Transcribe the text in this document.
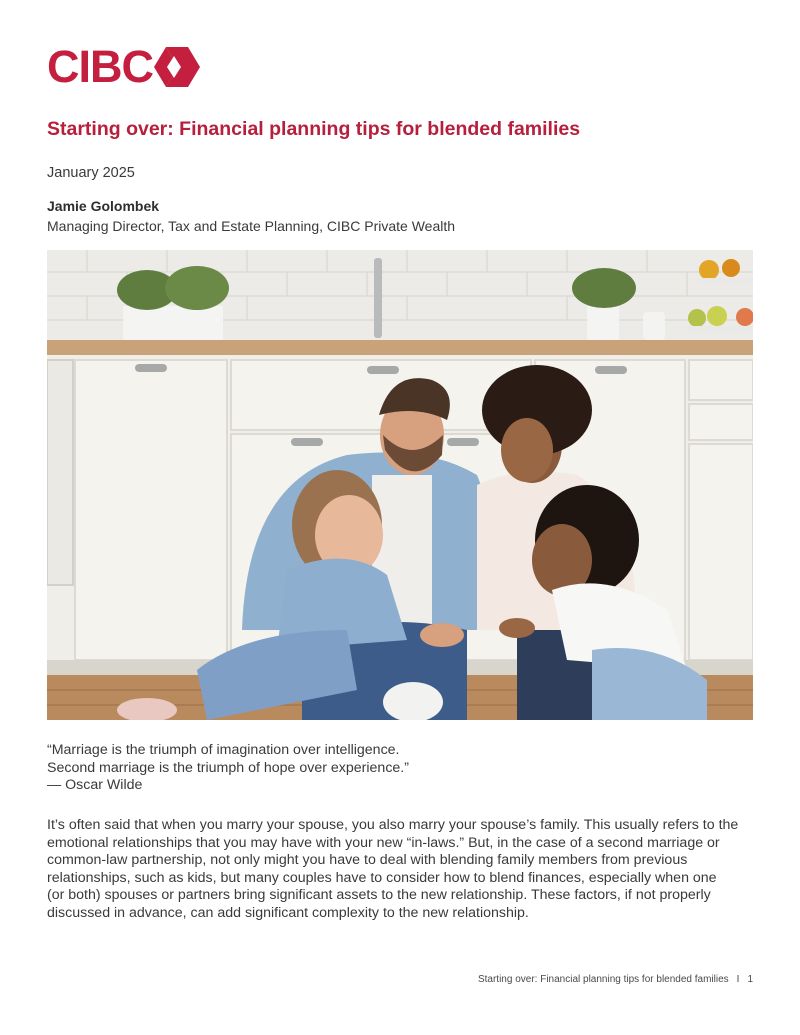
CIBC
Starting over: Financial planning tips for blended families
January 2025
Jamie Golombek
Managing Director, Tax and Estate Planning, CIBC Private Wealth
“Marriage is the triumph of imagination over intelligence.
Second marriage is the triumph of hope over experience.”
— Oscar Wilde
It’s often said that when you marry your spouse, you also marry your spouse’s family. This usually refers to the
emotional relationships that you may have with your new “in-laws.” But, in the case of a second marriage or
common-law partnership, not only might you have to deal with blending family members from previous
relationships, such as kids, but many couples have to consider how to blend finances, especially when one
(or both) spouses or partners bring significant assets to the new relationship. These factors, if not properly
discussed in advance, can add significant complexity to the new relationship.
Starting over: Financial planning tips for blended families I 1
